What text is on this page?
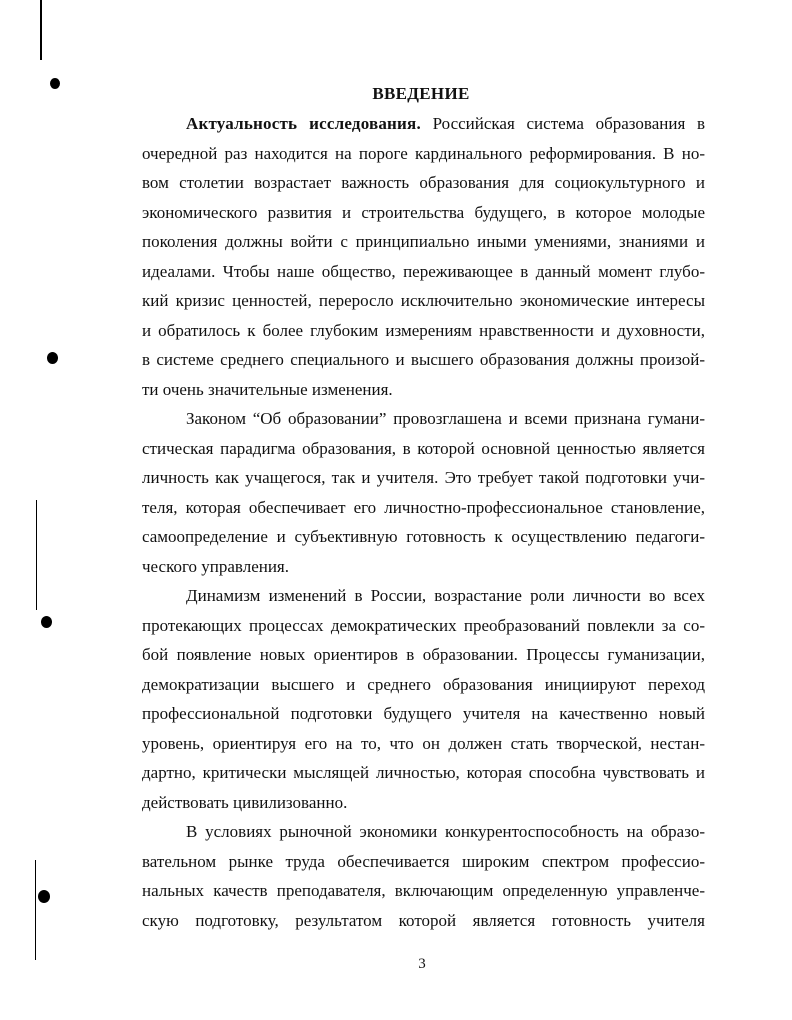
ВВЕДЕНИЕ
Актуальность исследования. Российская система образования в
очередной раз находится на пороге кардинального реформирования. В но-
вом столетии возрастает важность образования для социокультурного и
экономического развития и строительства будущего, в которое молодые
поколения должны войти с принципиально иными умениями, знаниями и
идеалами. Чтобы наше общество, переживающее в данный момент глубо-
кий кризис ценностей, переросло исключительно экономические интересы
и обратилось к более глубоким измерениям нравственности и духовности,
в системе среднего специального и высшего образования должны произой-
ти очень значительные изменения.
Законом “Об образовании” провозглашена и всеми признана гумани-
стическая парадигма образования, в которой основной ценностью является
личность как учащегося, так и учителя. Это требует такой подготовки учи-
теля, которая обеспечивает его личностно-профессиональное становление,
самоопределение и субъективную готовность к осуществлению педагоги-
ческого управления.
Динамизм изменений в России, возрастание роли личности во всех
протекающих процессах демократических преобразований повлекли за со-
бой появление новых ориентиров в образовании. Процессы гуманизации,
демократизации высшего и среднего образования инициируют переход
профессиональной подготовки будущего учителя на качественно новый
уровень, ориентируя его на то, что он должен стать творческой, нестан-
дартно, критически мыслящей личностью, которая способна чувствовать и
действовать цивилизованно.
В условиях рыночной экономики конкурентоспособность на образо-
вательном рынке труда обеспечивается широким спектром профессио-
нальных качеств преподавателя, включающим определенную управленче-
скую подготовку, результатом которой является готовность учителя
3
